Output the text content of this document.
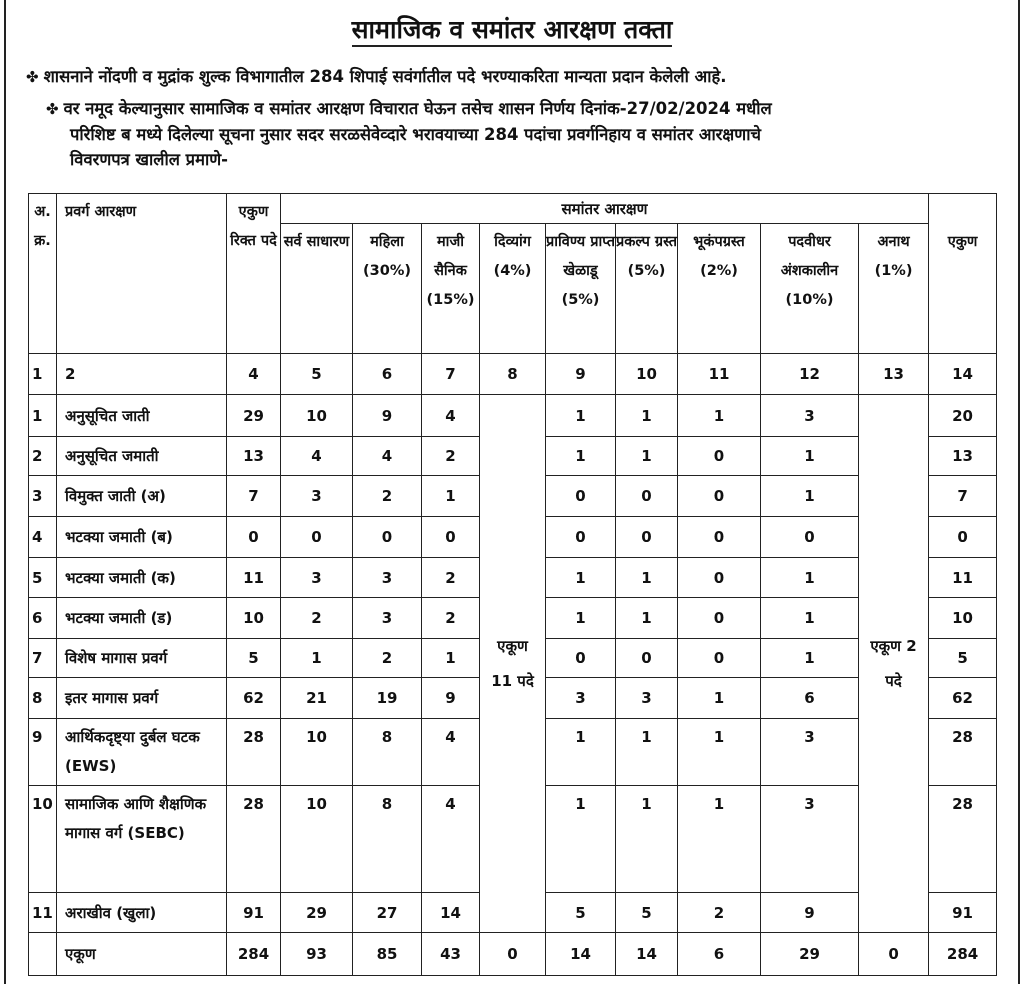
सामाजिक व समांतर आरक्षण तक्ता
✤ शासनाने नोंदणी व मुद्रांक शुल्क विभागातील 284 शिपाई सवंर्गातील पदे भरण्याकरिता मान्यता प्रदान केलेली आहे.
✤ वर नमूद केल्यानुसार सामाजिक व समांतर आरक्षण विचारात घेऊन तसेच शासन निर्णय दिनांक-27/02/2024 मधील
परिशिष्ट ब मध्ये दिलेल्या सूचना नुसार सदर सरळसेवेव्दारे भरावयाच्या 284 पदांचा प्रवर्गनिहाय व समांतर आरक्षणाचे
विवरणपत्र खालील प्रमाणे-
अ. क्र.	प्रवर्ग आरक्षण	एकुण रिक्त पदे	समांतर आरक्षण									
			सर्व साधारण	महिला (30%)	माजी सैनिक (15%)	दिव्यांग (4%)	प्राविण्य प्राप्त खेळाडू (5%)	प्रकल्प ग्रस्त (5%)	भूकंपग्रस्त (2%)	पदवीधर अंशकालीन (10%)	अनाथ (1%)	एकुण
1	2	4	5	6	7	8	9	10	11	12	13	14
1	अनुसूचित जाती	29	10	9	4	एकूण 11 पदे	1	1	1	3	एकूण 2 पदे	20
2	अनुसूचित जमाती	13	4	4	2		1	1	0	1		13
3	विमुक्त जाती (अ)	7	3	2	1		0	0	0	1		7
4	भटक्या जमाती (ब)	0	0	0	0		0	0	0	0		0
5	भटक्या जमाती (क)	11	3	3	2		1	1	0	1		11
6	भटक्या जमाती (ड)	10	2	3	2		1	1	0	1		10
7	विशेष मागास प्रवर्ग	5	1	2	1		0	0	0	1		5
8	इतर मागास प्रवर्ग	62	21	19	9		3	3	1	6		62
9	आर्थिकदृष्ट्या दुर्बल घटक (EWS)	28	10	8	4		1	1	1	3		28
10	सामाजिक आणि शैक्षणिक मागास वर्ग (SEBC)	28	10	8	4		1	1	1	3		28
11	अराखीव (खुला)	91	29	27	14		5	5	2	9		91
	एकूण	284	93	85	43	0	14	14	6	29	0	284
